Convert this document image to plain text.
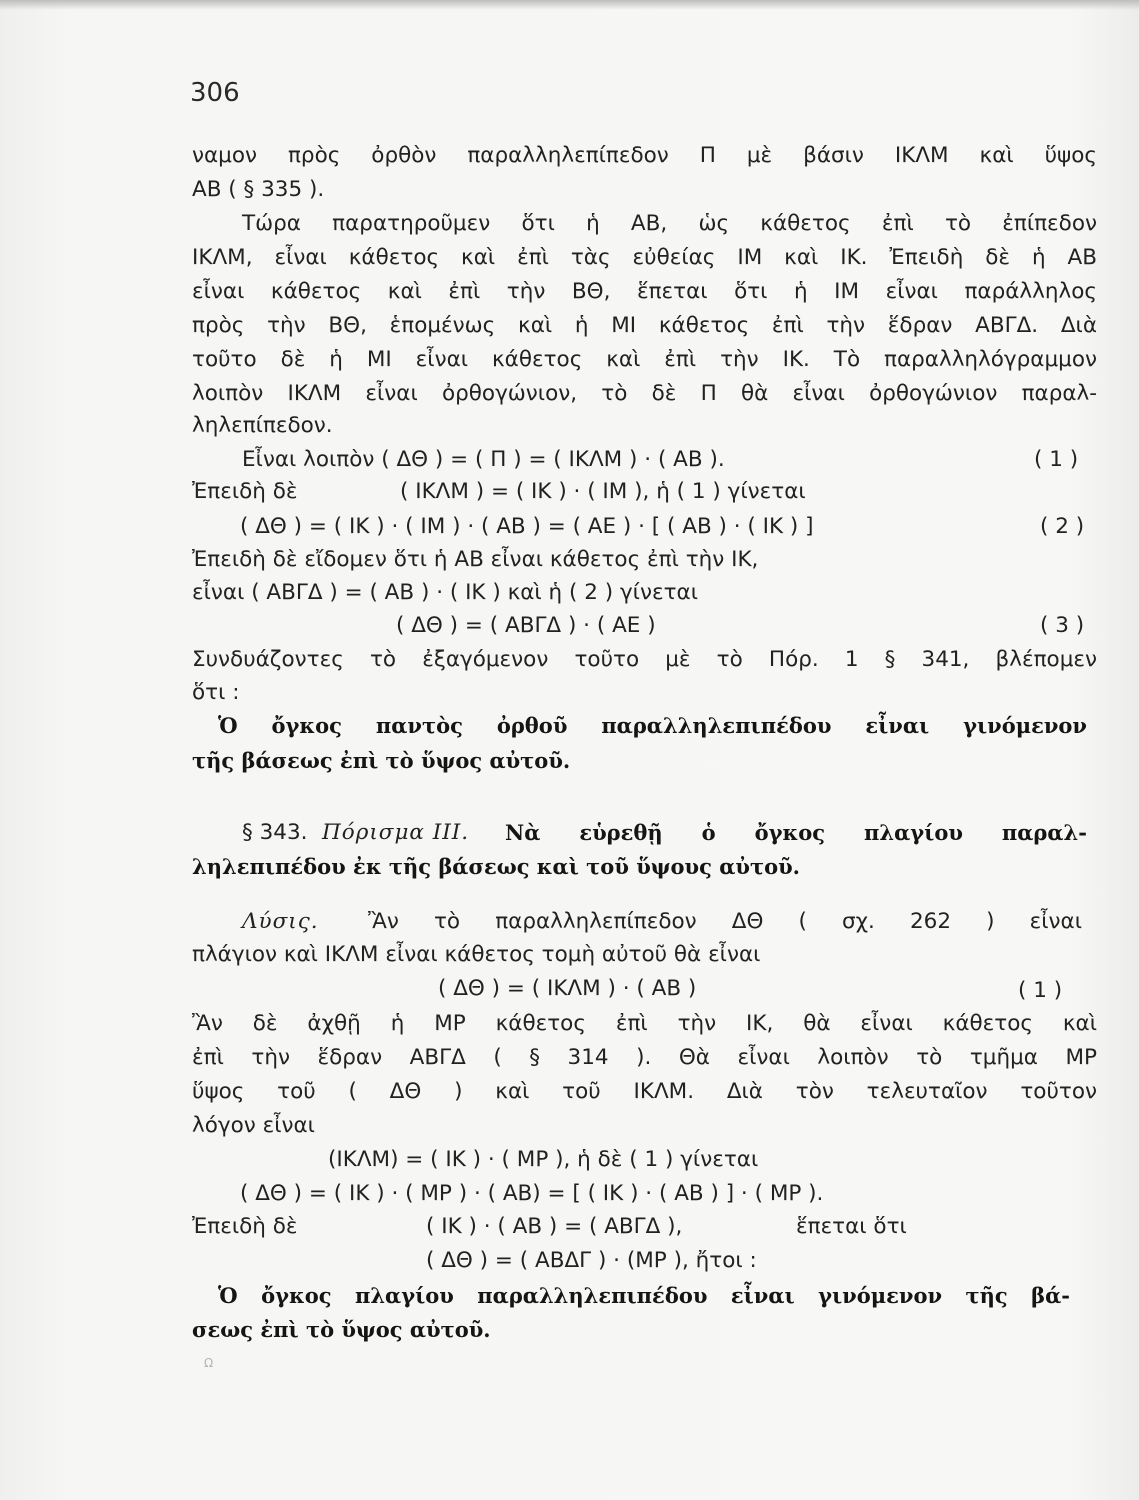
306
ναμον πρὸς ὀρθὸν παραλληλεπίπεδον Π μὲ βάσιν ΙΚΛΜ καὶ ὕψος
ΑΒ ( § 335 ).
Τώρα παρατηροῦμεν ὅτι ἡ ΑΒ, ὡς κάθετος ἐπὶ τὸ ἐπίπεδον
ΙΚΛΜ, εἶναι κάθετος καὶ ἐπὶ τὰς εὐθείας ΙΜ καὶ ΙΚ. Ἐπειδὴ δὲ ἡ ΑΒ
εἶναι κάθετος καὶ ἐπὶ τὴν ΒΘ, ἕπεται ὅτι ἡ ΙΜ εἶναι παράλληλος
πρὸς τὴν ΒΘ, ἑπομένως καὶ ἡ ΜΙ κάθετος ἐπὶ τὴν ἕδραν ΑΒΓΔ. Διὰ
τοῦτο δὲ ἡ ΜΙ εἶναι κάθετος καὶ ἐπὶ τὴν ΙΚ. Τὸ παραλληλόγραμμον
λοιπὸν ΙΚΛΜ εἶναι ὀρθογώνιον, τὸ δὲ Π θὰ εἶναι ὀρθογώνιον παραλ-
ληλεπίπεδον.
Εἶναι λοιπὸν ( ΔΘ ) = ( Π ) = ( ΙΚΛΜ ) · ( ΑΒ ).	( 1 )
Ἐπειδὴ δὲ	( ΙΚΛΜ ) = ( ΙΚ ) · ( ΙΜ ), ἡ ( 1 ) γίνεται
( ΔΘ ) = ( ΙΚ ) · ( ΙΜ ) · ( ΑΒ ) = ( ΑΕ ) · [ ( ΑΒ ) · ( ΙΚ ) ]	( 2 )
Ἐπειδὴ δὲ εἴδομεν ὅτι ἡ ΑΒ εἶναι κάθετος ἐπὶ τὴν ΙΚ,
εἶναι ( ΑΒΓΔ ) = ( ΑΒ ) · ( ΙΚ ) καὶ ἡ ( 2 ) γίνεται
( ΔΘ ) = ( ΑΒΓΔ ) · ( ΑΕ )	( 3 )
Συνδυάζοντες τὸ ἐξαγόμενον τοῦτο μὲ τὸ Πόρ. 1 § 341, βλέπομεν
ὅτι :
Ὁ ὄγκος παντὸς ὀρθοῦ παραλληλεπιπέδου εἶναι γινόμενον
τῆς βάσεως ἐπὶ τὸ ὕψος αὐτοῦ.
§ 343. Πόρισμα ΙΙΙ. Νὰ εὑρεθῇ ὁ ὄγκος πλαγίου παραλ-
ληλεπιπέδου ἐκ τῆς βάσεως καὶ τοῦ ὕψους αὐτοῦ.
Λύσις. Ἂν τὸ παραλληλεπίπεδον ΔΘ ( σχ. 262 ) εἶναι
πλάγιον καὶ ΙΚΛΜ εἶναι κάθετος τομὴ αὐτοῦ θὰ εἶναι
( ΔΘ ) = ( ΙΚΛΜ ) · ( ΑΒ )	( 1 )
Ἂν δὲ ἀχθῇ ἡ ΜΡ κάθετος ἐπὶ τὴν ΙΚ, θὰ εἶναι κάθετος καὶ
ἐπὶ τὴν ἕδραν ΑΒΓΔ ( § 314 ). Θὰ εἶναι λοιπὸν τὸ τμῆμα ΜΡ
ὕψος τοῦ ( ΔΘ ) καὶ τοῦ ΙΚΛΜ. Διὰ τὸν τελευταῖον τοῦτον
λόγον εἶναι
(ΙΚΛΜ) = ( ΙΚ ) · ( ΜΡ ), ἡ δὲ ( 1 ) γίνεται
( ΔΘ ) = ( ΙΚ ) · ( ΜΡ ) · ( ΑΒ) = [ ( ΙΚ ) · ( ΑΒ ) ] · ( ΜΡ ).
Ἐπειδὴ δὲ	( ΙΚ ) · ( ΑΒ ) = ( ΑΒΓΔ ),	ἕπεται ὅτι
( ΔΘ ) = ( ΑΒΔΓ ) · (ΜΡ ), ἤτοι :
Ὁ ὄγκος πλαγίου παραλληλεπιπέδου εἶναι γινόμενον τῆς βά-
σεως ἐπὶ τὸ ὕψος αὐτοῦ.
Ω
